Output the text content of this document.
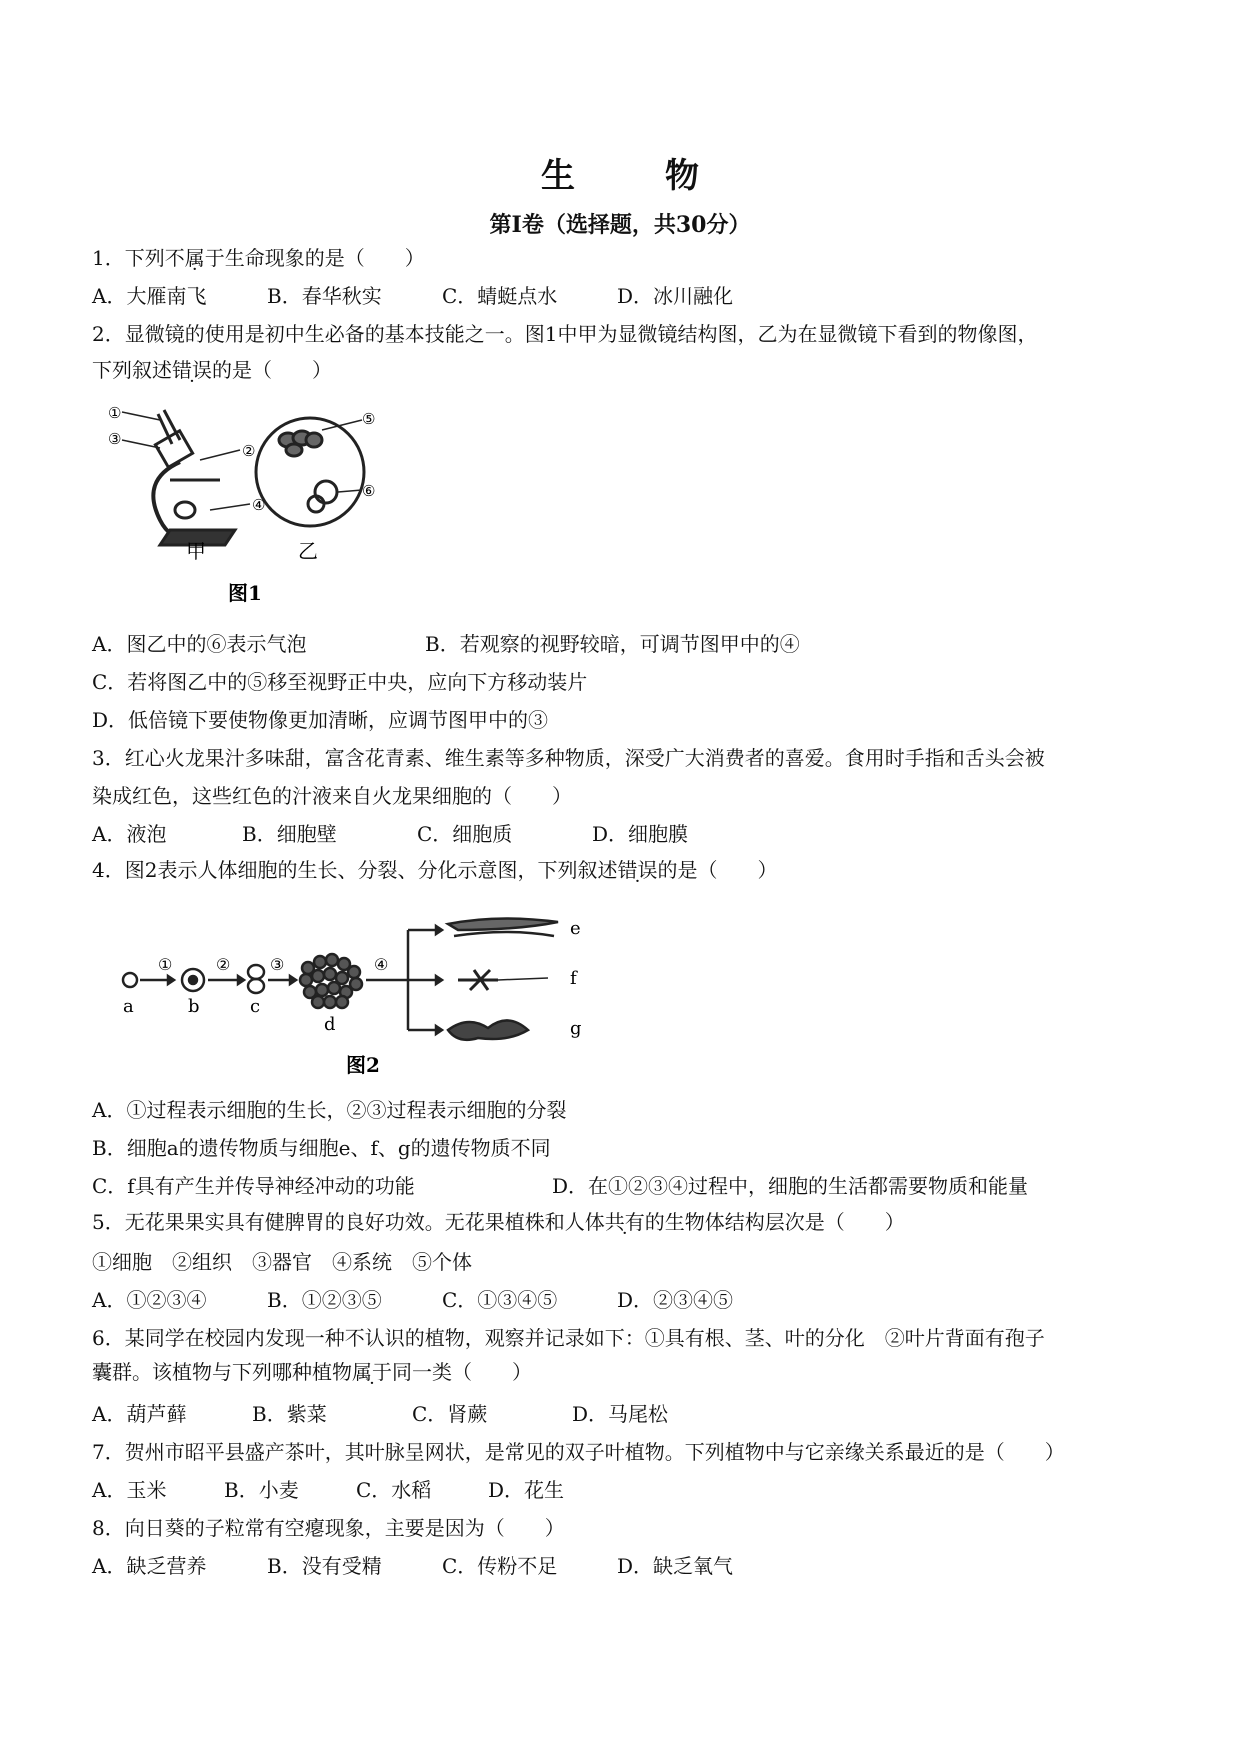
生　物
第Ⅰ卷（选择题，共30分）
1．下列不属于生命现象的是（　　）
A．大雁南飞	B．春华秋实	C．蜻蜓点水	D．冰川融化
2．显微镜的使用是初中生必备的基本技能之一。图1中甲为显微镜结构图，乙为在显微镜下看到的物像图，
下列叙述错误的是（　　）
①
③
②
④
甲
⑤
⑥
乙
图1
A．图乙中的⑥表示气泡	B．若观察的视野较暗，可调节图甲中的④
C．若将图乙中的⑤移至视野正中央，应向下方移动装片
D．低倍镜下要使物像更加清晰，应调节图甲中的③
3．红心火龙果汁多味甜，富含花青素、维生素等多种物质，深受广大消费者的喜爱。食用时手指和舌头会被
染成红色，这些红色的汁液来自火龙果细胞的（　　）
A．液泡	B．细胞壁	C．细胞质	D．细胞膜
4．图2表示人体细胞的生长、分裂、分化示意图，下列叙述错误的是（　　）
①	② ③	④
a	b	c
d
e
f
g
图2
A．①过程表示细胞的生长，②③过程表示细胞的分裂
B．细胞a的遗传物质与细胞e、f、g的遗传物质不同
C．f具有产生并传导神经冲动的功能	D．在①②③④过程中，细胞的生活都需要物质和能量
5．无花果果实具有健脾胃的良好功效。无花果植株和人体共有的生物体结构层次是（　　）
①细胞　②组织　③器官　④系统　⑤个体
A．①②③④	B．①②③⑤	C．①③④⑤	D．②③④⑤
6．某同学在校园内发现一种不认识的植物，观察并记录如下：①具有根、茎、叶的分化　②叶片背面有孢子
囊群。该植物与下列哪种植物属于同一类（　　）
A．葫芦藓	B．紫菜	C．肾蕨	D．马尾松
7．贺州市昭平县盛产茶叶，其叶脉呈网状，是常见的双子叶植物。下列植物中与它亲缘关系最近的是（　　）
A．玉米	B．小麦	C．水稻	D．花生
8．向日葵的子粒常有空瘪现象，主要是因为（　　）
A．缺乏营养	B．没有受精	C．传粉不足	D．缺乏氧气
